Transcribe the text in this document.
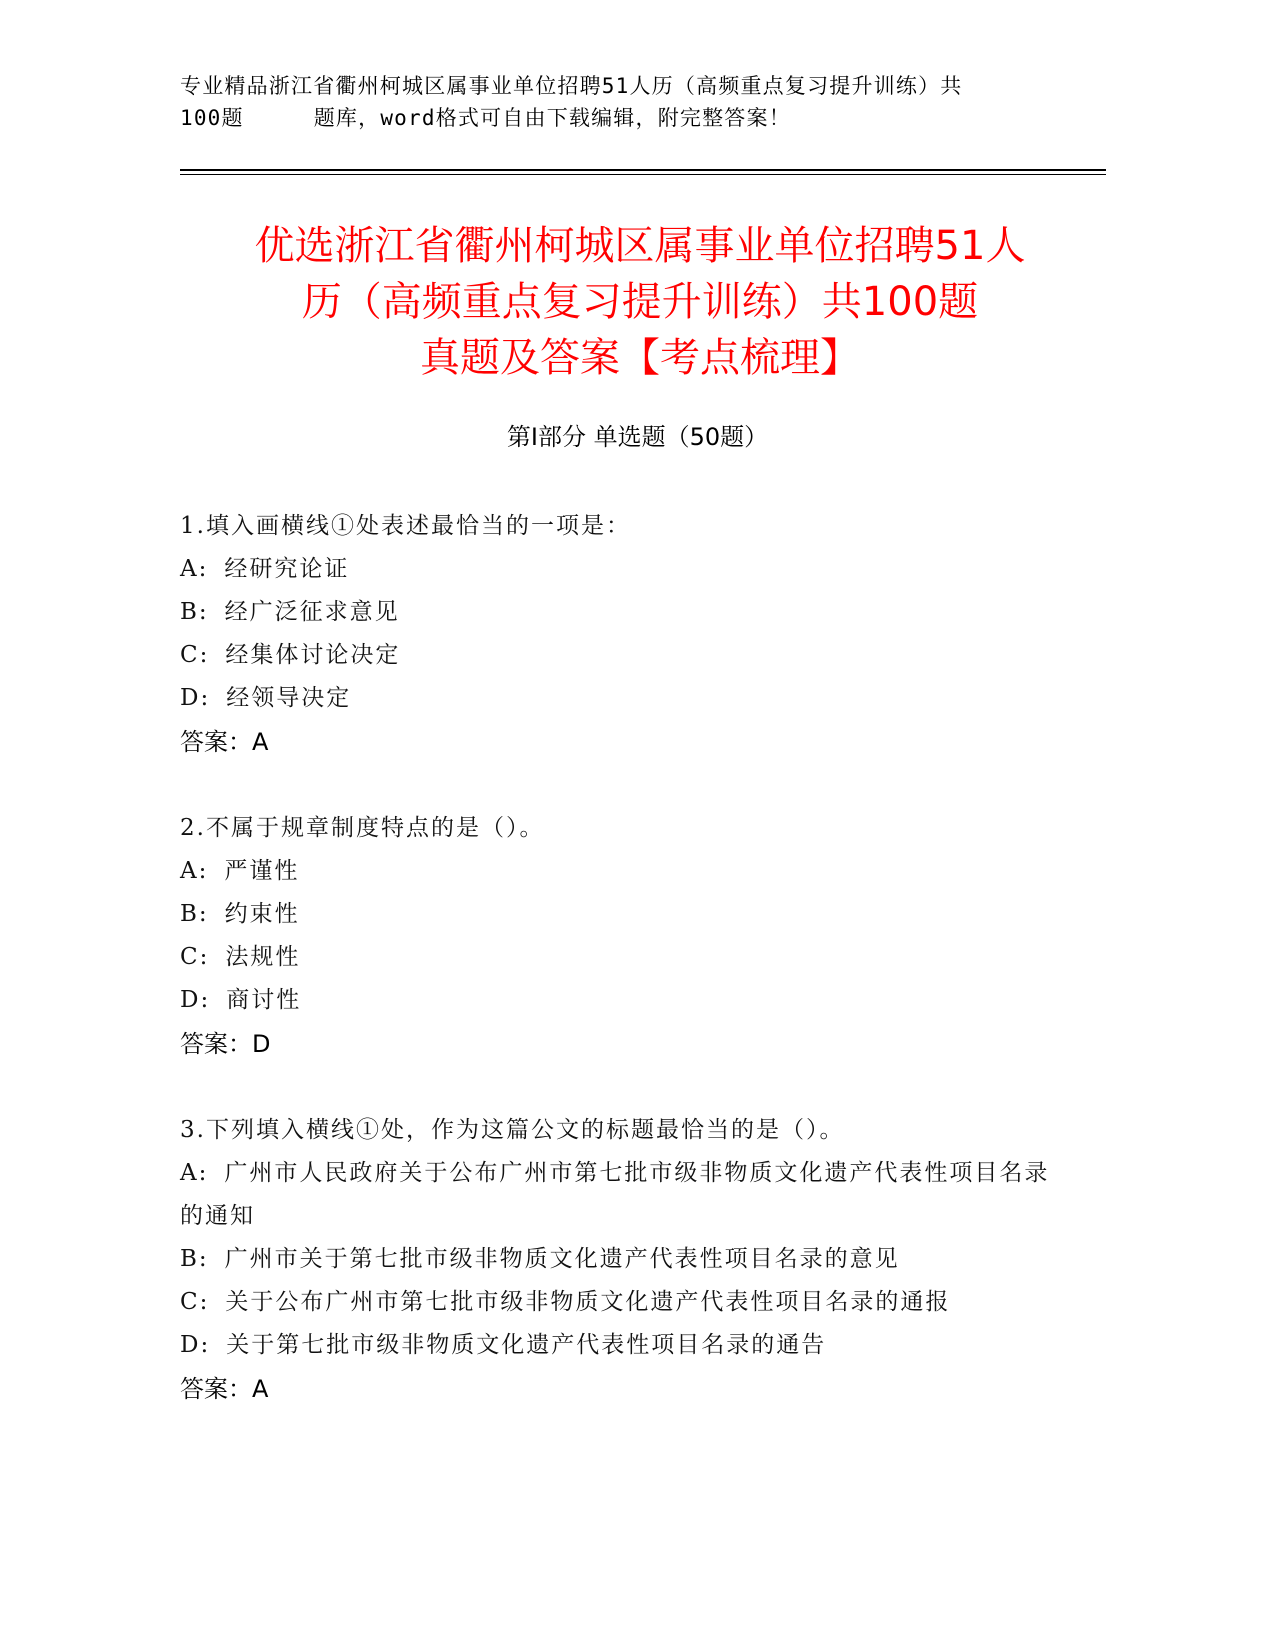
专业精品浙江省衢州柯城区属事业单位招聘51人历（高频重点复习提升训练）共
100题	题库，word格式可自由下载编辑，附完整答案！
优选浙江省衢州柯城区属事业单位招聘51人
历（高频重点复习提升训练）共100题
真题及答案【考点梳理】
第Ⅰ部分 单选题（50题）
1.填入画横线①处表述最恰当的一项是：
A: 经研究论证
B: 经广泛征求意见
C: 经集体讨论决定
D: 经领导决定
答案：A
2.不属于规章制度特点的是（）。
A: 严谨性
B: 约束性
C: 法规性
D: 商讨性
答案：D
3.下列填入横线①处，作为这篇公文的标题最恰当的是（）。
A: 广州市人民政府关于公布广州市第七批市级非物质文化遗产代表性项目名录的通知
B: 广州市关于第七批市级非物质文化遗产代表性项目名录的意见
C: 关于公布广州市第七批市级非物质文化遗产代表性项目名录的通报
D: 关于第七批市级非物质文化遗产代表性项目名录的通告
答案：A
